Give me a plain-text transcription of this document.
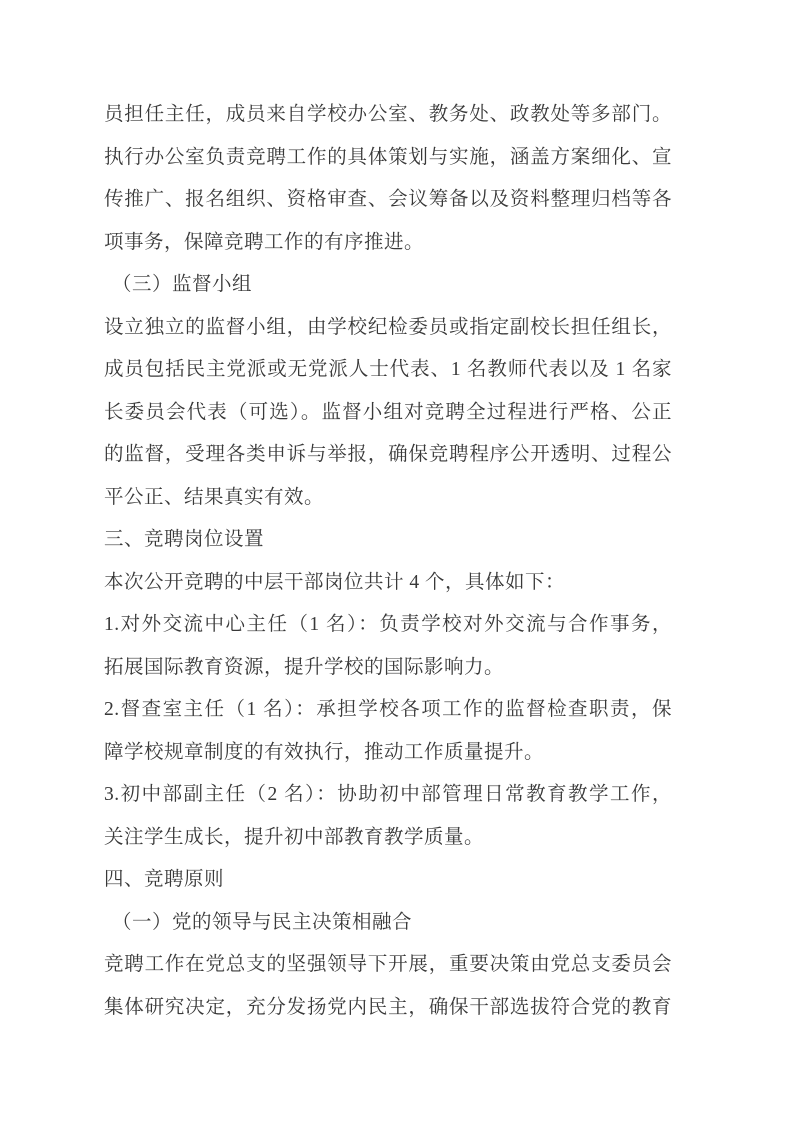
员担任主任，成员来自学校办公室、教务处、政教处等多部门。
执行办公室负责竞聘工作的具体策划与实施，涵盖方案细化、宣
传推广、报名组织、资格审查、会议筹备以及资料整理归档等各
项事务，保障竞聘工作的有序推进。
（三）监督小组
设立独立的监督小组，由学校纪检委员或指定副校长担任组长，
成员包括民主党派或无党派人士代表、1 名教师代表以及 1 名家
长委员会代表（可选）。监督小组对竞聘全过程进行严格、公正
的监督，受理各类申诉与举报，确保竞聘程序公开透明、过程公
平公正、结果真实有效。
三、竞聘岗位设置
本次公开竞聘的中层干部岗位共计 4 个，具体如下：
1.对外交流中心主任（1 名）：负责学校对外交流与合作事务，
拓展国际教育资源，提升学校的国际影响力。
2.督查室主任（1 名）：承担学校各项工作的监督检查职责，保
障学校规章制度的有效执行，推动工作质量提升。
3.初中部副主任（2 名）：协助初中部管理日常教育教学工作，
关注学生成长，提升初中部教育教学质量。
四、竞聘原则
（一）党的领导与民主决策相融合
竞聘工作在党总支的坚强领导下开展，重要决策由党总支委员会
集体研究决定，充分发扬党内民主，确保干部选拔符合党的教育
